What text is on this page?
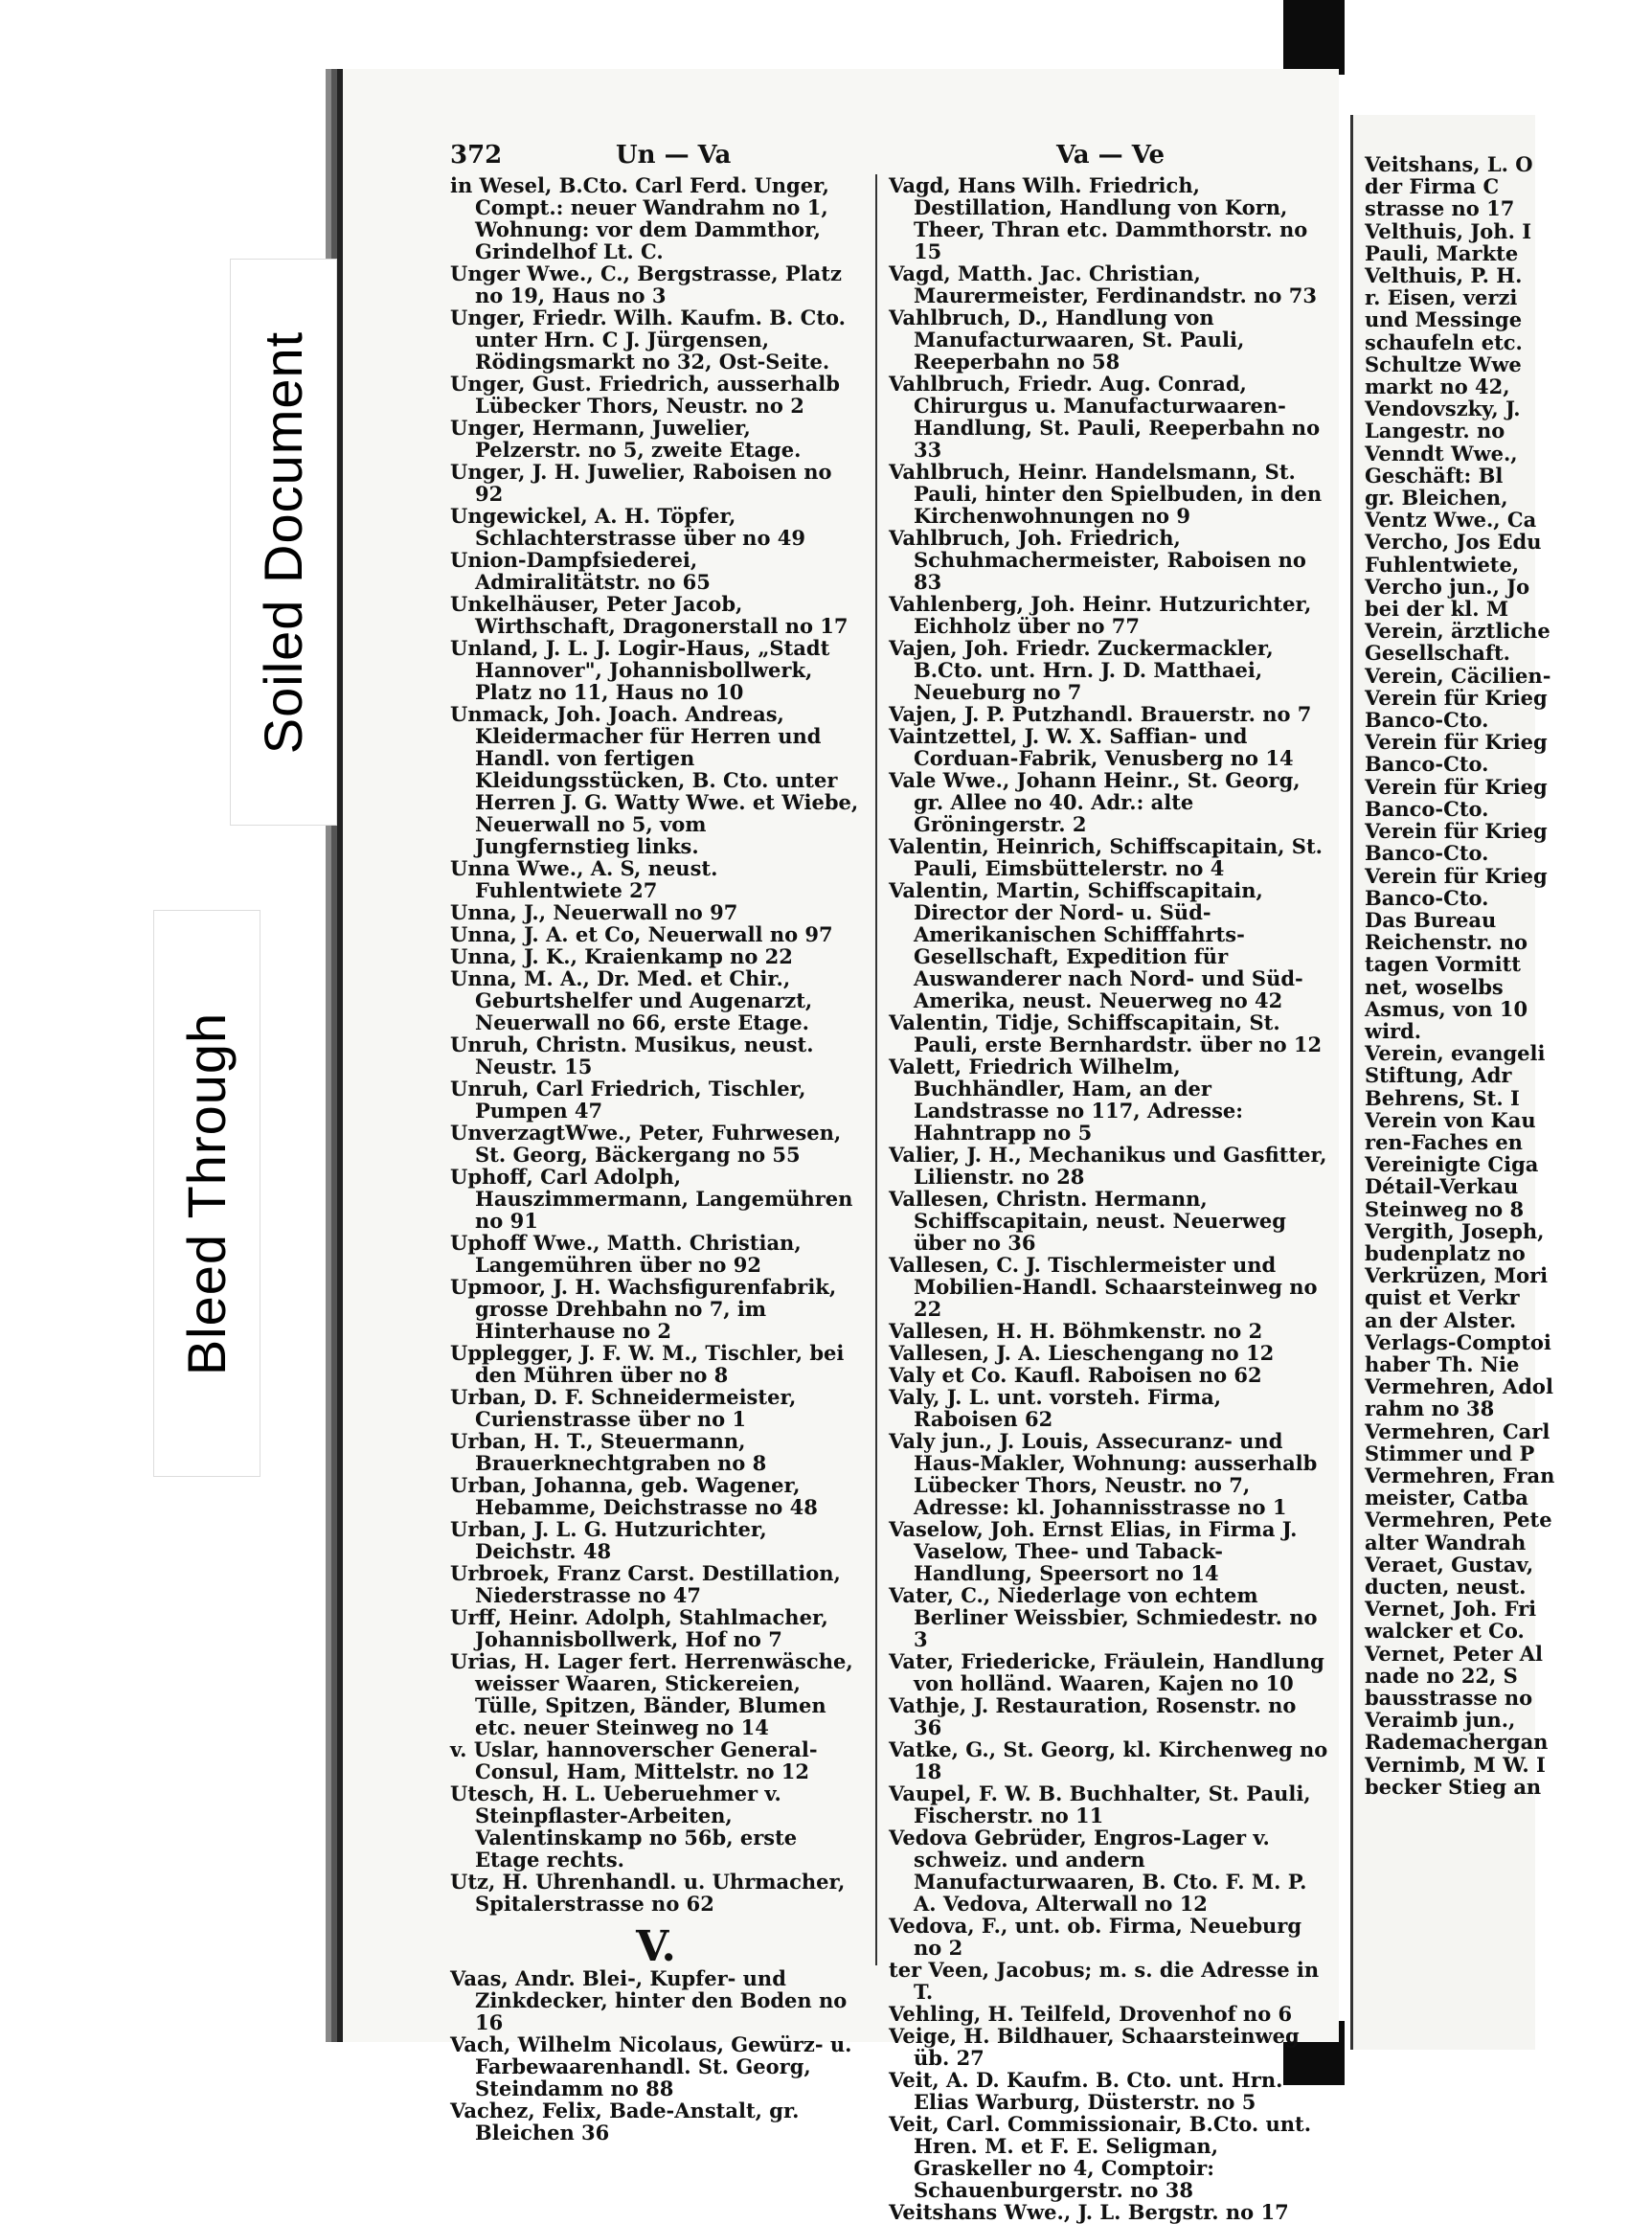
372	Un — Va	Va — Ve

in Wesel, B.Cto. Carl Ferd. Unger, Compt.: neuer Wandrahm no 1, Wohnung: vor dem Dammthor, Grindelhof Lt. C.

Unger Wwe., C., Bergstrasse, Platz no 19, Haus no 3

Unger, Friedr. Wilh. Kaufm. B. Cto. unter Hrn. C J. Jürgensen, Rödingsmarkt no 32, Ost-Seite.

Unger, Gust. Friedrich, ausserhalb Lübecker Thors, Neustr. no 2

Unger, Hermann, Juwelier, Pelzerstr. no 5, zweite Etage.

Unger, J. H. Juwelier, Raboisen no 92

Ungewickel, A. H. Töpfer, Schlachterstrasse über no 49

Union-Dampfsiederei, Admiralitätstr. no 65

Unkelhäuser, Peter Jacob, Wirthschaft, Dragonerstall no 17

Unland, J. L. J. Logir-Haus, „Stadt Hannover", Johannisbollwerk, Platz no 11, Haus no 10

Unmack, Joh. Joach. Andreas, Kleidermacher für Herren und Handl. von fertigen Kleidungsstücken, B. Cto. unter Herren J. G. Watty Wwe. et Wiebe, Neuerwall no 5, vom Jungfernstieg links.

Unna Wwe., A. S, neust. Fuhlentwiete 27

Unna, J., Neuerwall no 97

Unna, J. A. et Co, Neuerwall no 97

Unna, J. K., Kraienkamp no 22

Unna, M. A., Dr. Med. et Chir., Geburtshelfer und Augenarzt, Neuerwall no 66, erste Etage.

Unruh, Christn. Musikus, neust. Neustr. 15

Unruh, Carl Friedrich, Tischler, Pumpen 47

UnverzagtWwe., Peter, Fuhrwesen, St. Georg, Bäckergang no 55

Uphoff, Carl Adolph, Hauszimmermann, Langemühren no 91

Uphoff Wwe., Matth. Christian, Langemühren über no 92

Upmoor, J. H. Wachsfigurenfabrik, grosse Drehbahn no 7, im Hinterhause no 2

Upplegger, J. F. W. M., Tischler, bei den Mühren über no 8

Urban, D. F. Schneidermeister, Curienstrasse über no 1

Urban, H. T., Steuermann, Brauerknechtgraben no 8

Urban, Johanna, geb. Wagener, Hebamme, Deichstrasse no 48

Urban, J. L. G. Hutzurichter, Deichstr. 48

Urbroek, Franz Carst. Destillation, Niederstrasse no 47

Urff, Heinr. Adolph, Stahlmacher, Johannisbollwerk, Hof no 7

Urias, H. Lager fert. Herrenwäsche, weisser Waaren, Stickereien, Tülle, Spitzen, Bänder, Blumen etc. neuer Steinweg no 14

v. Uslar, hannoverscher General-Consul, Ham, Mittelstr. no 12

Utesch, H. L. Ueberuehmer v. Steinpflaster-Arbeiten, Valentinskamp no 56b, erste Etage rechts.

Utz, H. Uhrenhandl. u. Uhrmacher, Spitalerstrasse no 62

V.

Vaas, Andr. Blei-, Kupfer- und Zinkdecker, hinter den Boden no 16

Vach, Wilhelm Nicolaus, Gewürz- u. Farbewaarenhandl. St. Georg, Steindamm no 88

Vachez, Felix, Bade-Anstalt, gr. Bleichen 36

Vagd, Hans Wilh. Friedrich, Destillation, Handlung von Korn, Theer, Thran etc. Dammthorstr. no 15

Vagd, Matth. Jac. Christian, Maurermeister, Ferdinandstr. no 73

Vahlbruch, D., Handlung von Manufacturwaaren, St. Pauli, Reeperbahn no 58

Vahlbruch, Friedr. Aug. Conrad, Chirurgus u. Manufacturwaaren-Handlung, St. Pauli, Reeperbahn no 33

Vahlbruch, Heinr. Handelsmann, St. Pauli, hinter den Spielbuden, in den Kirchenwohnungen no 9

Vahlbruch, Joh. Friedrich, Schuhmachermeister, Raboisen no 83

Vahlenberg, Joh. Heinr. Hutzurichter, Eichholz über no 77

Vajen, Joh. Friedr. Zuckermackler, B.Cto. unt. Hrn. J. D. Matthaei, Neueburg no 7

Vajen, J. P. Putzhandl. Brauerstr. no 7

Vaintzettel, J. W. X. Saffian- und Corduan-Fabrik, Venusberg no 14

Vale Wwe., Johann Heinr., St. Georg, gr. Allee no 40. Adr.: alte Gröningerstr. 2

Valentin, Heinrich, Schiffscapitain, St. Pauli, Eimsbüttelerstr. no 4

Valentin, Martin, Schiffscapitain, Director der Nord- u. Süd-Amerikanischen Schifffahrts-Gesellschaft, Expedition für Auswanderer nach Nord- und Süd-Amerika, neust. Neuerweg no 42

Valentin, Tidje, Schiffscapitain, St. Pauli, erste Bernhardstr. über no 12

Valett, Friedrich Wilhelm, Buchhändler, Ham, an der Landstrasse no 117, Adresse: Hahntrapp no 5

Valier, J. H., Mechanikus und Gasfitter, Lilienstr. no 28

Vallesen, Christn. Hermann, Schiffscapitain, neust. Neuerweg über no 36

Vallesen, C. J. Tischlermeister und Mobilien-Handl. Schaarsteinweg no 22

Vallesen, H. H. Böhmkenstr. no 2

Vallesen, J. A. Lieschengang no 12

Valy et Co. Kaufl. Raboisen no 62

Valy, J. L. unt. vorsteh. Firma, Raboisen 62

Valy jun., J. Louis, Assecuranz- und Haus-Makler, Wohnung: ausserhalb Lübecker Thors, Neustr. no 7, Adresse: kl. Johannisstrasse no 1

Vaselow, Joh. Ernst Elias, in Firma J. Vaselow, Thee- und Taback-Handlung, Speersort no 14

Vater, C., Niederlage von echtem Berliner Weissbier, Schmiedestr. no 3

Vater, Friedericke, Fräulein, Handlung von holländ. Waaren, Kajen no 10

Vathje, J. Restauration, Rosenstr. no 36

Vatke, G., St. Georg, kl. Kirchenweg no 18

Vaupel, F. W. B. Buchhalter, St. Pauli, Fischerstr. no 11

Vedova Gebrüder, Engros-Lager v. schweiz. und andern Manufacturwaaren, B. Cto. F. M. P. A. Vedova, Alterwall no 12

Vedova, F., unt. ob. Firma, Neueburg no 2

ter Veen, Jacobus; m. s. die Adresse in T.

Vehling, H. Teilfeld, Drovenhof no 6

Veige, H. Bildhauer, Schaarsteinweg üb. 27

Veit, A. D. Kaufm. B. Cto. unt. Hrn. Elias Warburg, Düsterstr. no 5

Veit, Carl. Commissionair, B.Cto. unt. Hren. M. et F. E. Seligman, Graskeller no 4, Comptoir: Schauenburgerstr. no 38

Veitshans Wwe., J. L. Bergstr. no 17

Veitshans, L. O
der Firma C
strasse no 17
Velthuis, Joh. I
Pauli, Markte
Velthuis, P. H.
r. Eisen, verzi
und Messinge
schaufeln etc.
Schultze Wwe
markt no 42,
Vendovszky, J.
Langestr. no
Venndt Wwe.,
Geschäft: Bl
gr. Bleichen,
Ventz Wwe., Ca
Vercho, Jos Edu
Fuhlentwiete,
Vercho jun., Jo
bei der kl. M
Verein, ärztliche
Gesellschaft.
Verein, Cäcilien-
Verein für Krieg
Banco-Cto.
Verein für Krieg
Banco-Cto.
Verein für Krieg
Banco-Cto.
Verein für Krieg
Banco-Cto.
Verein für Krieg
Banco-Cto.
Das Bureau
Reichenstr. no
tagen Vormitt
net, woselbs
Asmus, von 10
wird.
Verein, evangeli
Stiftung, Adr
Behrens, St. I
Verein von Kau
ren-Faches en
Vereinigte Ciga
Détail-Verkau
Steinweg no 8
Vergith, Joseph,
budenplatz no
Verkrüzen, Mori
quist et Verkr
an der Alster.
Verlags-Comptoi
haber Th. Nie
Vermehren, Adol
rahm no 38
Vermehren, Carl
Stimmer und P
Vermehren, Fran
meister, Catba
Vermehren, Pete
alter Wandrah
Veraet, Gustav,
ducten, neust.
Vernet, Joh. Fri
walcker et Co.
Vernet, Peter Al
nade no 22, S
bausstrasse no
Veraimb jun.,
Rademachergan
Vernimb, M W. I
becker Stieg an
Soiled Document
Bleed Through
